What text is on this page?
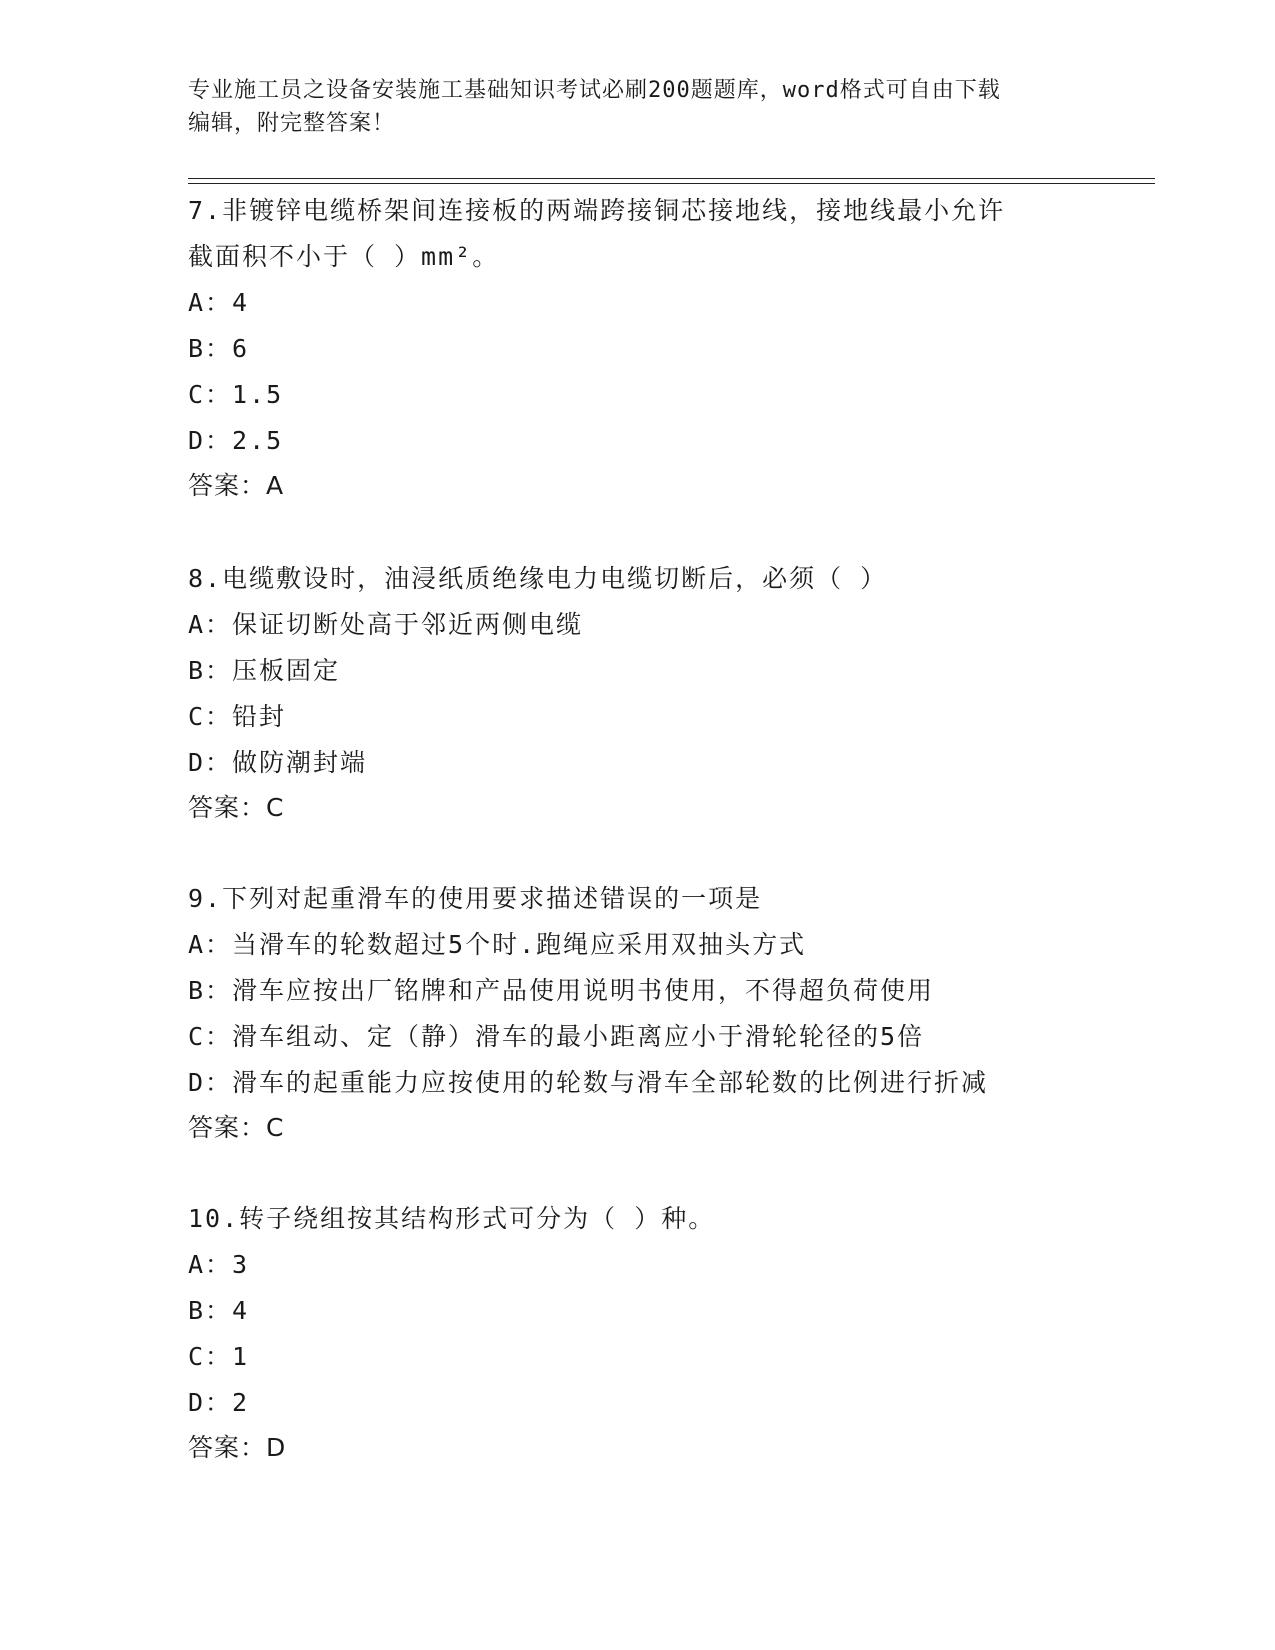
专业施工员之设备安装施工基础知识考试必刷200题题库，word格式可自由下载
编辑，附完整答案！

7.非镀锌电缆桥架间连接板的两端跨接铜芯接地线，接地线最小允许

截面积不小于（ ）mm²。

A：4

B：6

C：1.5

D：2.5

答案：A

8.电缆敷设时，油浸纸质绝缘电力电缆切断后，必须（ ）

A：保证切断处高于邻近两侧电缆

B：压板固定

C：铅封

D：做防潮封端

答案：C

9.下列对起重滑车的使用要求描述错误的一项是

A：当滑车的轮数超过5个时.跑绳应采用双抽头方式

B：滑车应按出厂铭牌和产品使用说明书使用，不得超负荷使用

C：滑车组动、定（静）滑车的最小距离应小于滑轮轮径的5倍

D：滑车的起重能力应按使用的轮数与滑车全部轮数的比例进行折减

答案：C

10.转子绕组按其结构形式可分为（ ）种。

A：3

B：4

C：1

D：2

答案：D
